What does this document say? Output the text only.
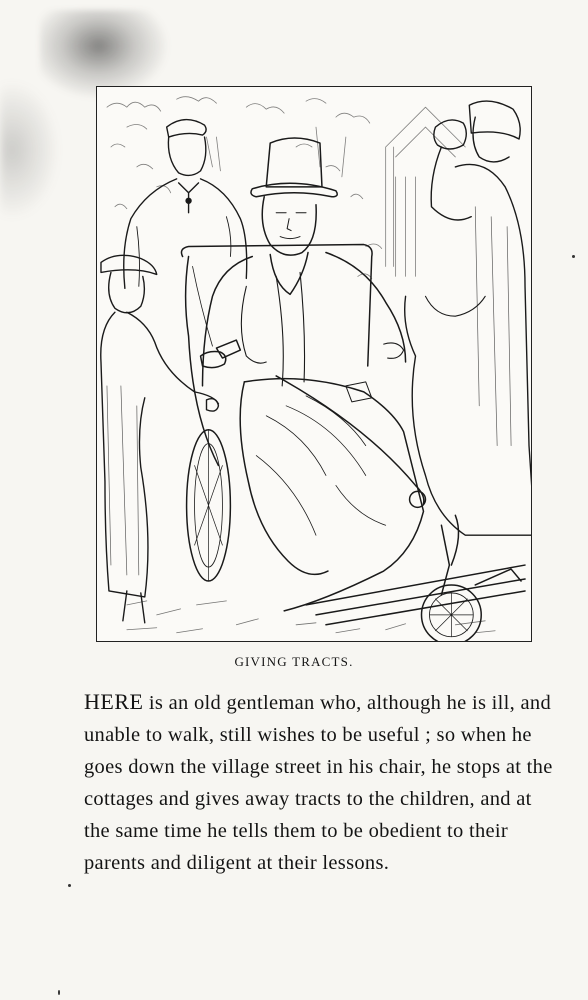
GIVING TRACTS.

HERE is an old gentleman who, although he is ill, and unable to walk, still wishes to be useful ; so when he goes down the village street in his chair, he stops at the cottages and gives away tracts to the children, and at the same time he tells them to be obedient to their parents and diligent at their lessons.
